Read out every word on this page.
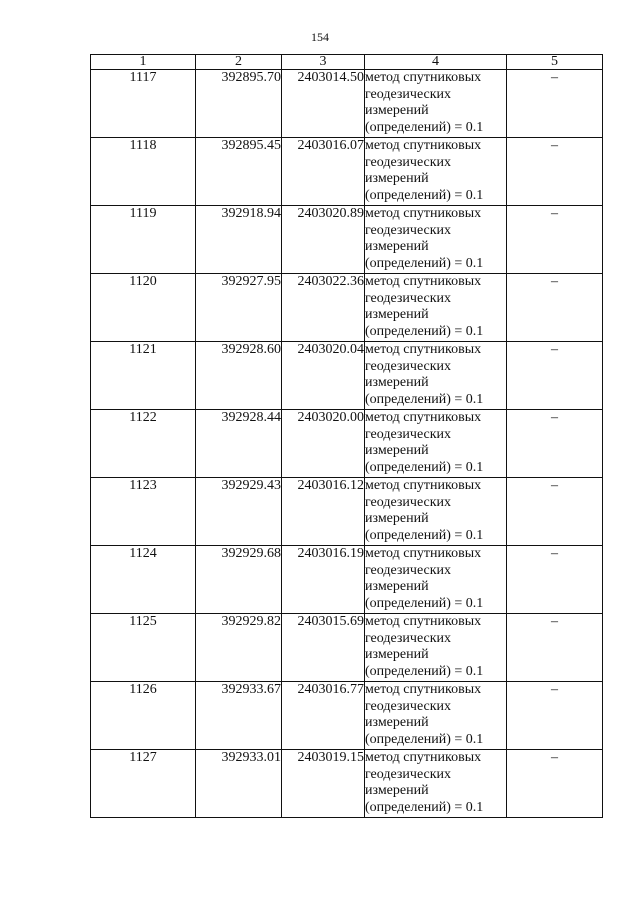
154
1	2	3	4	5
1117	392895.70	2403014.50	метод спутниковых
геодезических
измерений
(определений) = 0.1	–
1118	392895.45	2403016.07	метод спутниковых
геодезических
измерений
(определений) = 0.1	–
1119	392918.94	2403020.89	метод спутниковых
геодезических
измерений
(определений) = 0.1	–
1120	392927.95	2403022.36	метод спутниковых
геодезических
измерений
(определений) = 0.1	–
1121	392928.60	2403020.04	метод спутниковых
геодезических
измерений
(определений) = 0.1	–
1122	392928.44	2403020.00	метод спутниковых
геодезических
измерений
(определений) = 0.1	–
1123	392929.43	2403016.12	метод спутниковых
геодезических
измерений
(определений) = 0.1	–
1124	392929.68	2403016.19	метод спутниковых
геодезических
измерений
(определений) = 0.1	–
1125	392929.82	2403015.69	метод спутниковых
геодезических
измерений
(определений) = 0.1	–
1126	392933.67	2403016.77	метод спутниковых
геодезических
измерений
(определений) = 0.1	–
1127	392933.01	2403019.15	метод спутниковых
геодезических
измерений
(определений) = 0.1	–
